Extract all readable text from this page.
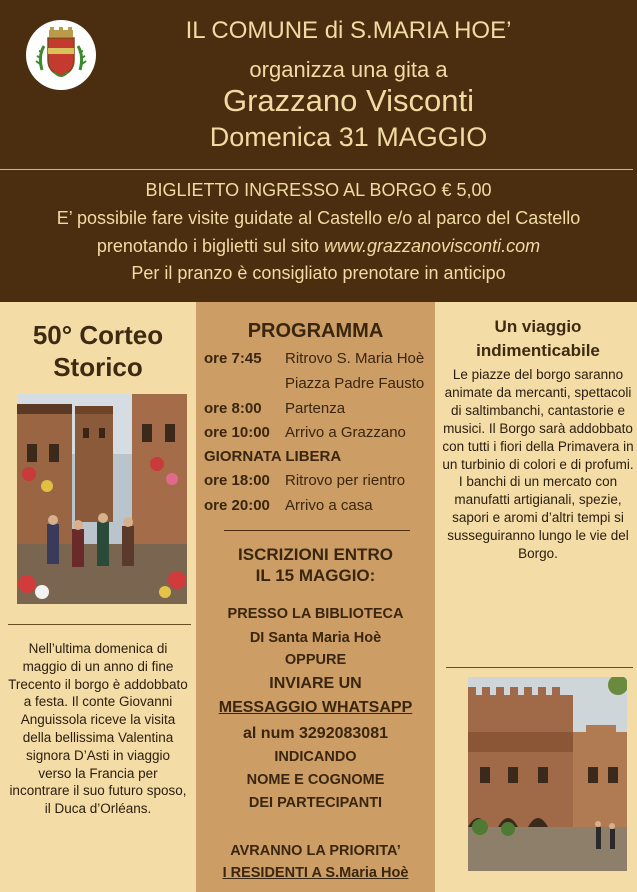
IL COMUNE di S.MARIA HOE’
organizza una gita a
Grazzano Visconti
Domenica 31 MAGGIO
BIGLIETTO INGRESSO AL BORGO € 5,00
E’ possibile fare visite guidate al Castello e/o al parco del Castello
prenotando i biglietti sul sito www.grazzanovisconti.com
Per il pranzo è consigliato prenotare in anticipo
50° Corteo
Storico
Nell’ultima domenica di maggio di un anno di fine Trecento il borgo è addobbato a festa. Il conte Giovanni Anguissola riceve la visita della bellissima Valentina signora D’Asti in viaggio verso la Francia per incontrare il suo futuro sposo, il Duca d’Orléans.
PROGRAMMA
ore 7:45 Ritrovo S. Maria Hoè
Piazza Padre Fausto
ore 8:00 Partenza
ore 10:00 Arrivo a Grazzano
GIORNATA LIBERA
ore 18:00 Ritrovo per rientro
ore 20:00 Arrivo a casa
ISCRIZIONI ENTRO
IL 15 MAGGIO:
PRESSO LA BIBLIOTECA
DI Santa Maria Hoè
OPPURE
INVIARE UN
MESSAGGIO WHATSAPP
al num 3292083081
INDICANDO
NOME E COGNOME
DEI PARTECIPANTI
AVRANNO LA PRIORITA’
I RESIDENTI A S.Maria Hoè
Un viaggio
indimenticabile
Le piazze del borgo saranno animate da mercanti, spettacoli di saltimbanchi, cantastorie e musici. Il Borgo sarà addobbato con tutti i fiori della Primavera in un turbinio di colori e di profumi. I banchi di un mercato con manufatti artigianali, spezie, sapori e aromi d’altri tempi si susseguiranno lungo le vie del Borgo.
